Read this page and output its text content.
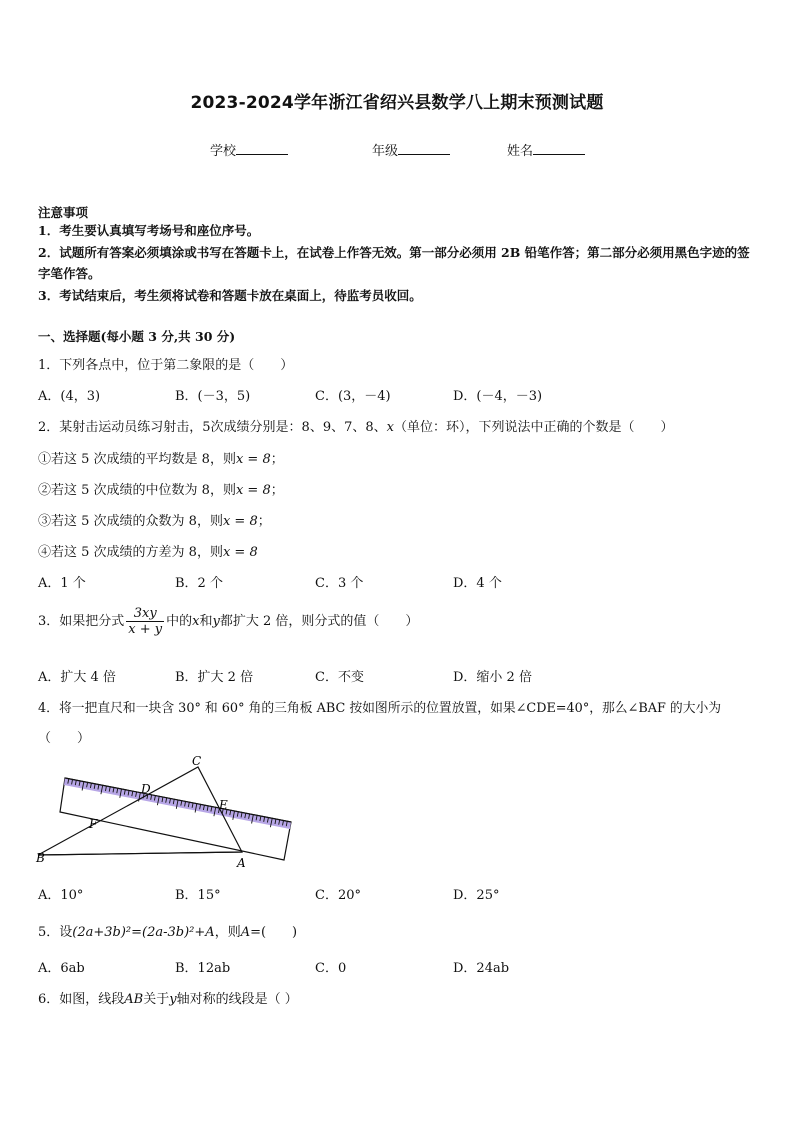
2023-2024学年浙江省绍兴县数学八上期末预测试题
学校	年级	姓名
注意事项
1．考生要认真填写考场号和座位序号。
2．试题所有答案必须填涂或书写在答题卡上，在试卷上作答无效。第一部分必须用 2B 铅笔作答；第二部分必须用黑色字迹的签字笔作答。
3．考试结束后，考生须将试卷和答题卡放在桌面上，待监考员收回。
一、选择题(每小题 3 分,共 30 分)
1．下列各点中，位于第二象限的是（　　）
A．(4，3)	B．(－3，5)	C．(3，－4)	D．(－4，－3)
2．某射击运动员练习射击，5次成绩分别是：8、9、7、8、x（单位：环），下列说法中正确的个数是（　　）
①若这 5 次成绩的平均数是 8，则x = 8；
②若这 5 次成绩的中位数为 8，则x = 8；
③若这 5 次成绩的众数为 8，则x = 8；
④若这 5 次成绩的方差为 8，则x = 8
A．1 个	B．2 个	C．3 个	D．4 个
3．如果把分式 $\frac{3xy}{x + y}$ 中的x和y都扩大 2 倍，则分式的值（　　）
A．扩大 4 倍	B．扩大 2 倍	C．不变	D．缩小 2 倍
4．将一把直尺和一块含 30° 和 60° 角的三角板 ABC 按如图所示的位置放置，如果∠CDE=40°，那么∠BAF 的大小为
（　　）
C
D
E
F
B	A
A．10°	B．15°	C．20°	D．25°
5．设(2a+3b)²=(2a-3b)²+A，则A=(　　)
A．6ab	B．12ab	C．0	D．24ab
6．如图，线段AB关于y轴对称的线段是（ ）
